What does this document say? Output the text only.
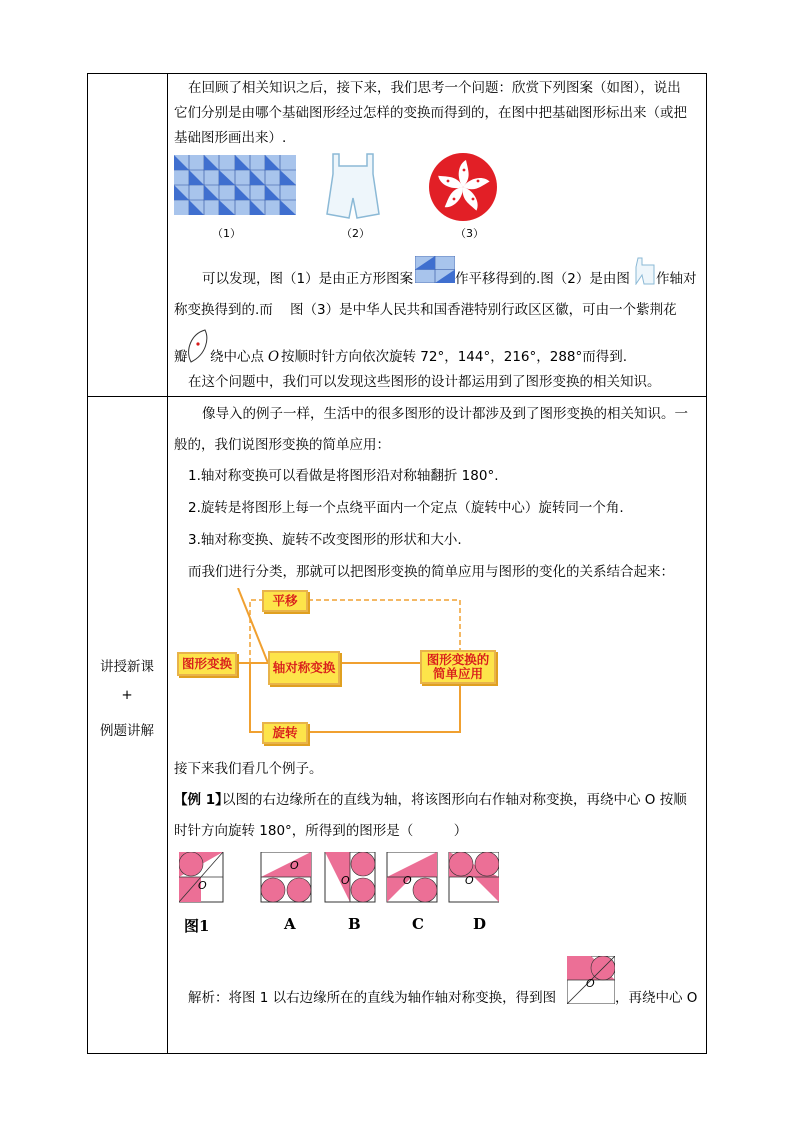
在回顾了相关知识之后，接下来，我们思考一个问题：欣赏下列图案（如图），说出
它们分别是由哪个基础图形经过怎样的变换而得到的，在图中把基础图形标出来（或把
基础图形画出来）.
（1）	（2）	（3）
可以发现，图（1）是由正方形图案	作平移得到的.图（2）是由图 作轴对
称变换得到的.而 图（3）是中华人民共和国香港特别行政区区徽，可由一个紫荆花
瓣 绕中心点 O 按顺时针方向依次旋转 72°，144°，216°，288°而得到.
在这个问题中，我们可以发现这些图形的设计都运用到了图形变换的相关知识。
讲授新课
+
例题讲解
像导入的例子一样，生活中的很多图形的设计都涉及到了图形变换的相关知识。一
般的，我们说图形变换的简单应用：
1.轴对称变换可以看做是将图形沿对称轴翻折 180°.
2.旋转是将图形上每一个点绕平面内一个定点（旋转中心）旋转同一个角.
3.轴对称变换、旋转不改变图形的形状和大小.
而我们进行分类，那就可以把图形变换的简单应用与图形的变化的关系结合起来：
图形变换
平移
轴对称变换
旋转
图形变换的
简单应用
接下来我们看几个例子。
【例 1】
以图的右边缘所在的直线为轴，将该图形向右作轴对称变换，再绕中心 O 按顺
时针方向旋转 180°，所得到的图形是（　　　）
O
O
O	O	O
图1	A	B	C	D
解析：将图 1 以右边缘所在的直线为轴作轴对称变换，得到图
O
，再绕中心 O
